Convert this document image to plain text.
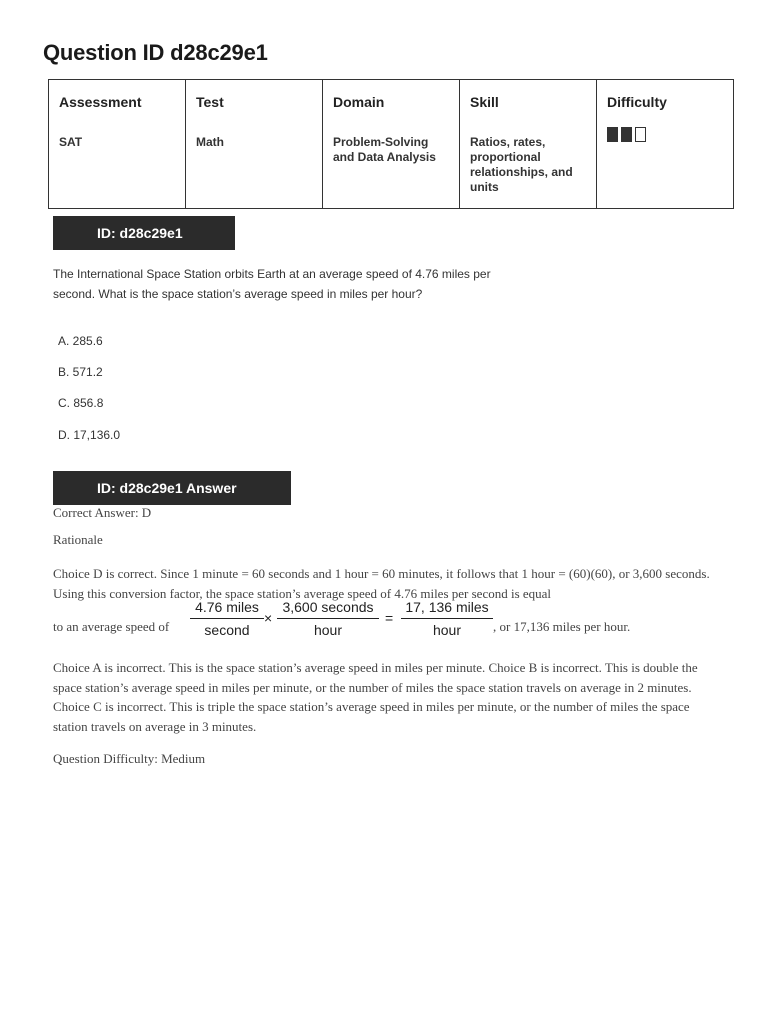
Question ID d28c29e1
Assessment	Test	Domain	Skill	Difficulty
SAT	Math	Problem-Solving and Data Analysis	Ratios, rates, proportional relationships, and units	
ID: d28c29e1

The International Space Station orbits Earth at an average speed of 4.76 miles per second. What is the space station’s average speed in miles per hour?

A. 285.6
B. 571.2
C. 856.8
D. 17,136.0
ID: d28c29e1 Answer
Correct Answer: D
Rationale

Choice D is correct. Since 1 minute = 60 seconds and 1 hour = 60 minutes, it follows that 1 hour = (60)(60), or 3,600 seconds. Using this conversion factor, the space station’s average speed of 4.76 miles per second is equal

to an average speed of
4.76 miles
second
×
3,600 seconds
hour
=
17, 136 miles
hour	, or 17,136 miles per hour.

Choice A is incorrect. This is the space station’s average speed in miles per minute. Choice B is incorrect. This is double the space station’s average speed in miles per minute, or the number of miles the space station travels on average in 2 minutes. Choice C is incorrect. This is triple the space station’s average speed in miles per minute, or the number of miles the space station travels on average in 3 minutes.

Question Difficulty: Medium
